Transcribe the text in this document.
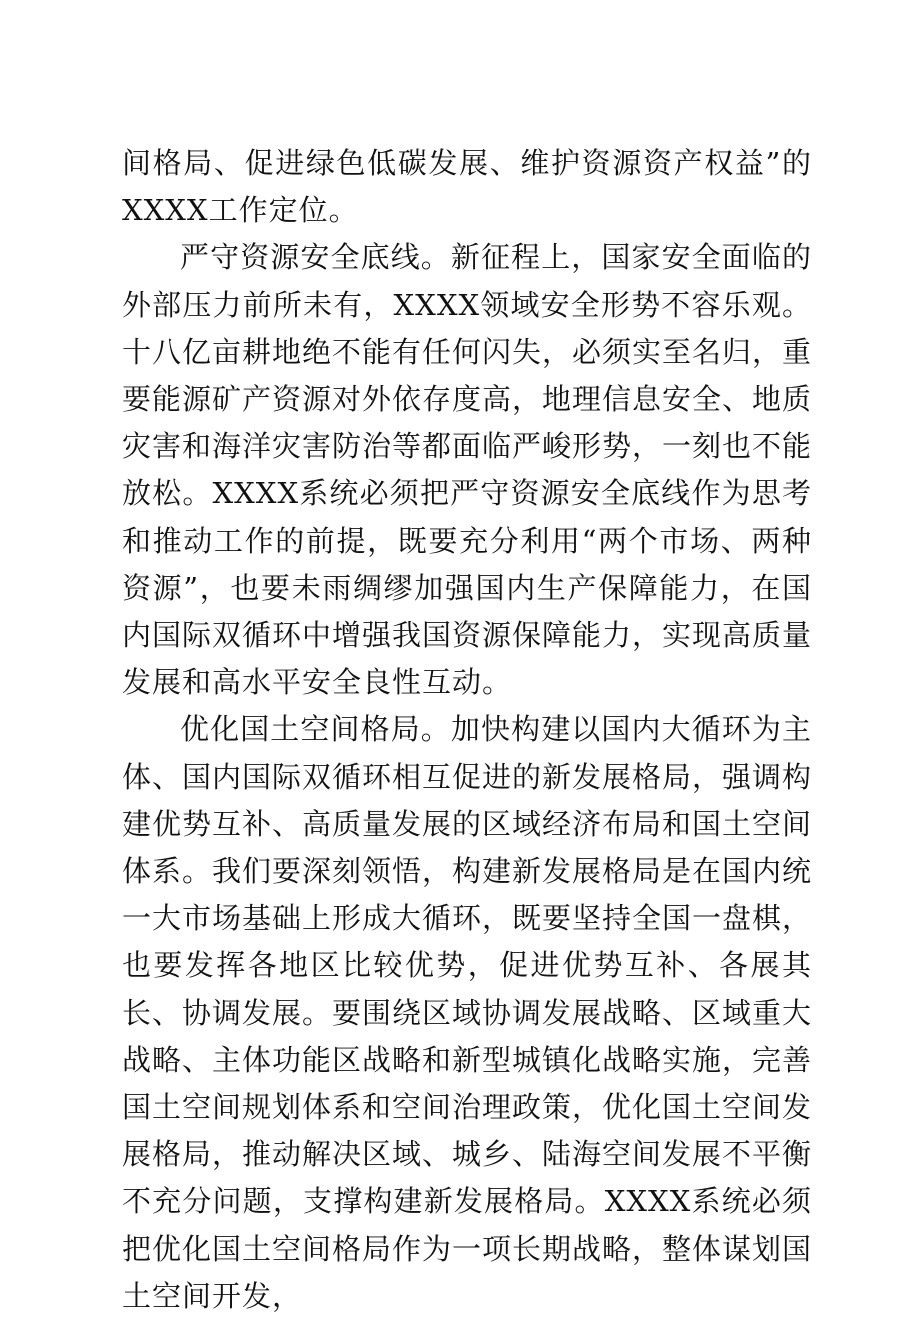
间格局、促进绿色低碳发展、维护资源资产权益”的XXXX工作定位。

严守资源安全底线。新征程上，国家安全面临的外部压力前所未有，XXXX领域安全形势不容乐观。十八亿亩耕地绝不能有任何闪失，必须实至名归，重要能源矿产资源对外依存度高，地理信息安全、地质灾害和海洋灾害防治等都面临严峻形势，一刻也不能放松。XXXX系统必须把严守资源安全底线作为思考和推动工作的前提，既要充分利用“两个市场、两种资源”，也要未雨绸缪加强国内生产保障能力，在国内国际双循环中增强我国资源保障能力，实现高质量发展和高水平安全良性互动。

优化国土空间格局。加快构建以国内大循环为主体、国内国际双循环相互促进的新发展格局，强调构建优势互补、高质量发展的区域经济布局和国土空间体系。我们要深刻领悟，构建新发展格局是在国内统一大市场基础上形成大循环，既要坚持全国一盘棋，也要发挥各地区比较优势，促进优势互补、各展其长、协调发展。要围绕区域协调发展战略、区域重大战略、主体功能区战略和新型城镇化战略实施，完善国土空间规划体系和空间治理政策，优化国土空间发展格局，推动解决区域、城乡、陆海空间发展不平衡不充分问题，支撑构建新发展格局。XXXX系统必须把优化国土空间格局作为一项长期战略，整体谋划国土空间开发，
